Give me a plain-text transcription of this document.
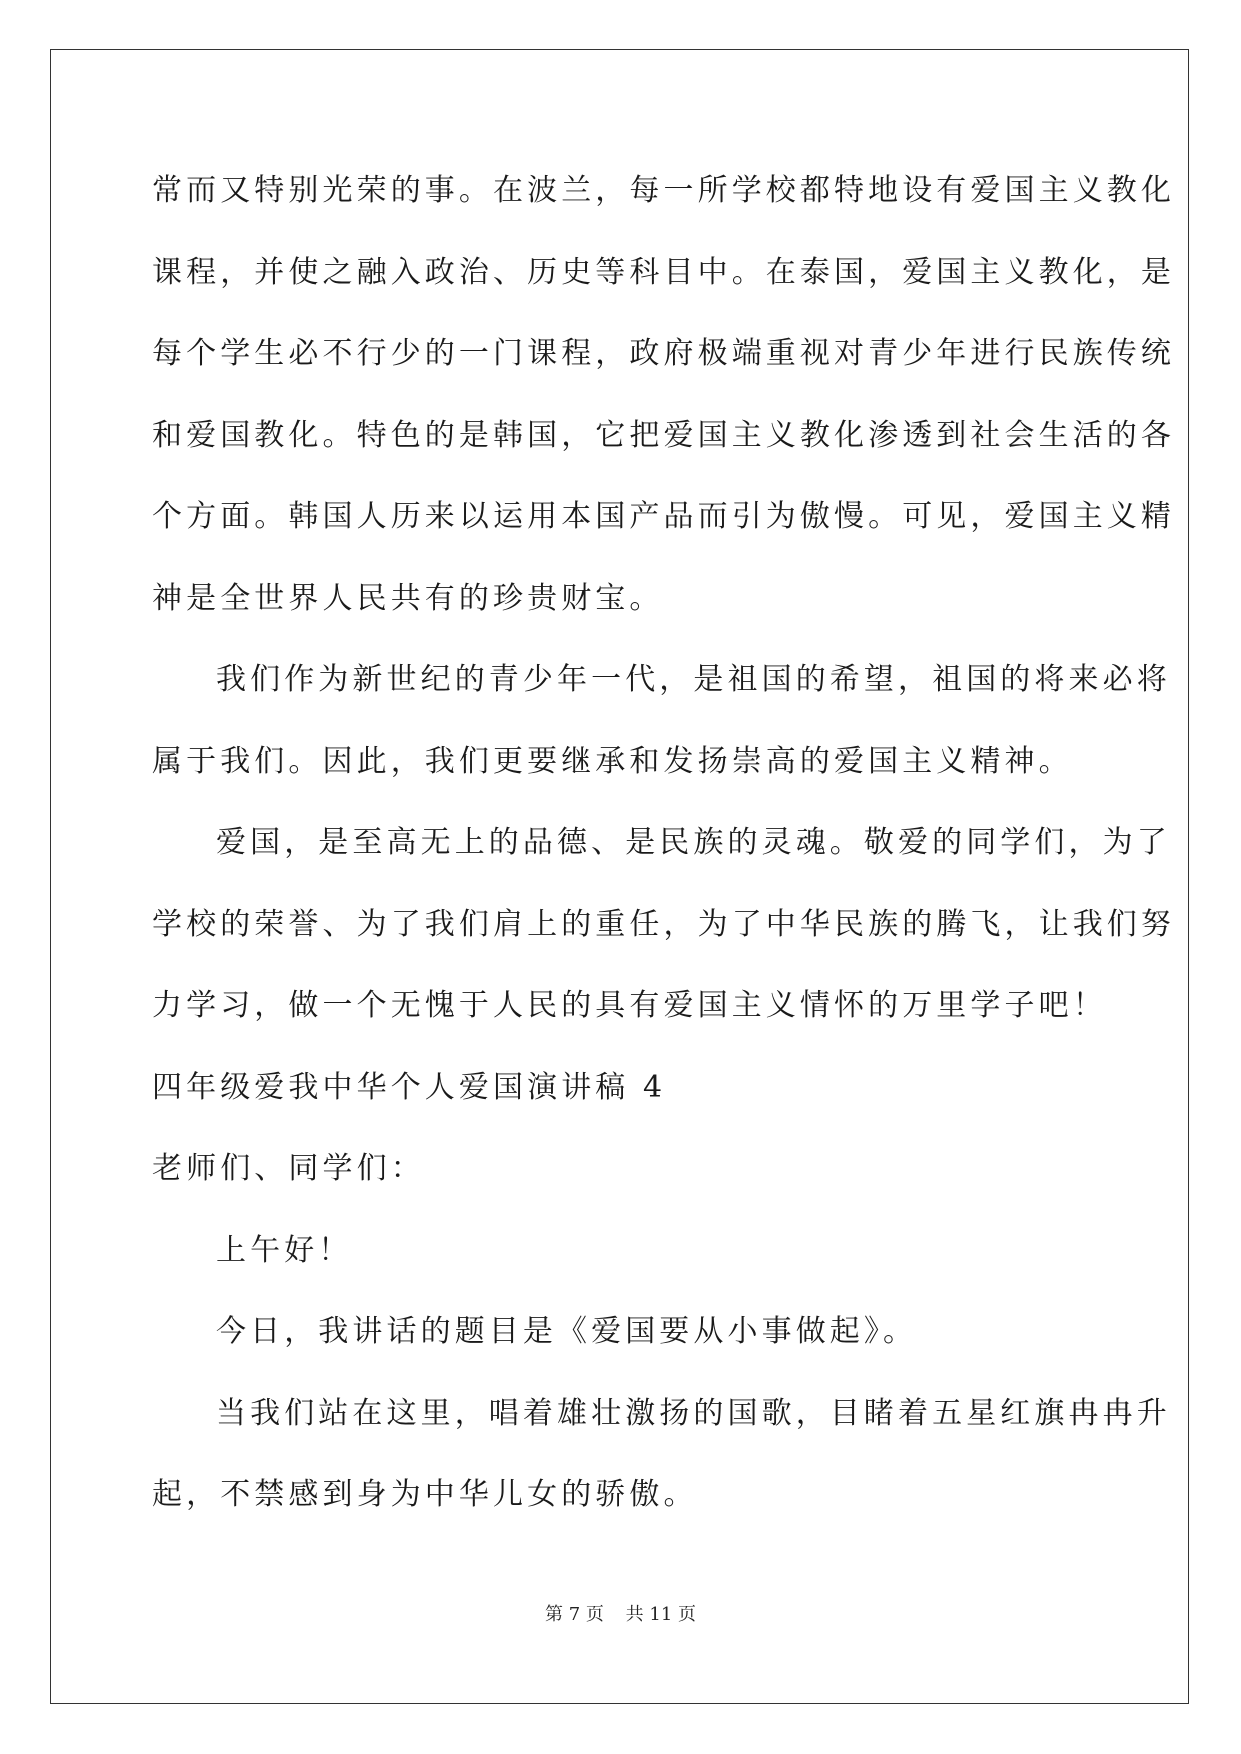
常而又特别光荣的事。在波兰，每一所学校都特地设有爱国主义教化
课程，并使之融入政治、历史等科目中。在泰国，爱国主义教化，是
每个学生必不行少的一门课程，政府极端重视对青少年进行民族传统
和爱国教化。特色的是韩国，它把爱国主义教化渗透到社会生活的各
个方面。韩国人历来以运用本国产品而引为傲慢。可见，爱国主义精
神是全世界人民共有的珍贵财宝。
我们作为新世纪的青少年一代，是祖国的希望，祖国的将来必将
属于我们。因此，我们更要继承和发扬崇高的爱国主义精神。
爱国，是至高无上的品德、是民族的灵魂。敬爱的同学们，为了
学校的荣誉、为了我们肩上的重任，为了中华民族的腾飞，让我们努
力学习，做一个无愧于人民的具有爱国主义情怀的万里学子吧！
四年级爱我中华个人爱国演讲稿 4
老师们、同学们：
上午好！
今日，我讲话的题目是《爱国要从小事做起》。
当我们站在这里，唱着雄壮激扬的国歌，目睹着五星红旗冉冉升
起，不禁感到身为中华儿女的骄傲。
第 7 页 共 11 页
